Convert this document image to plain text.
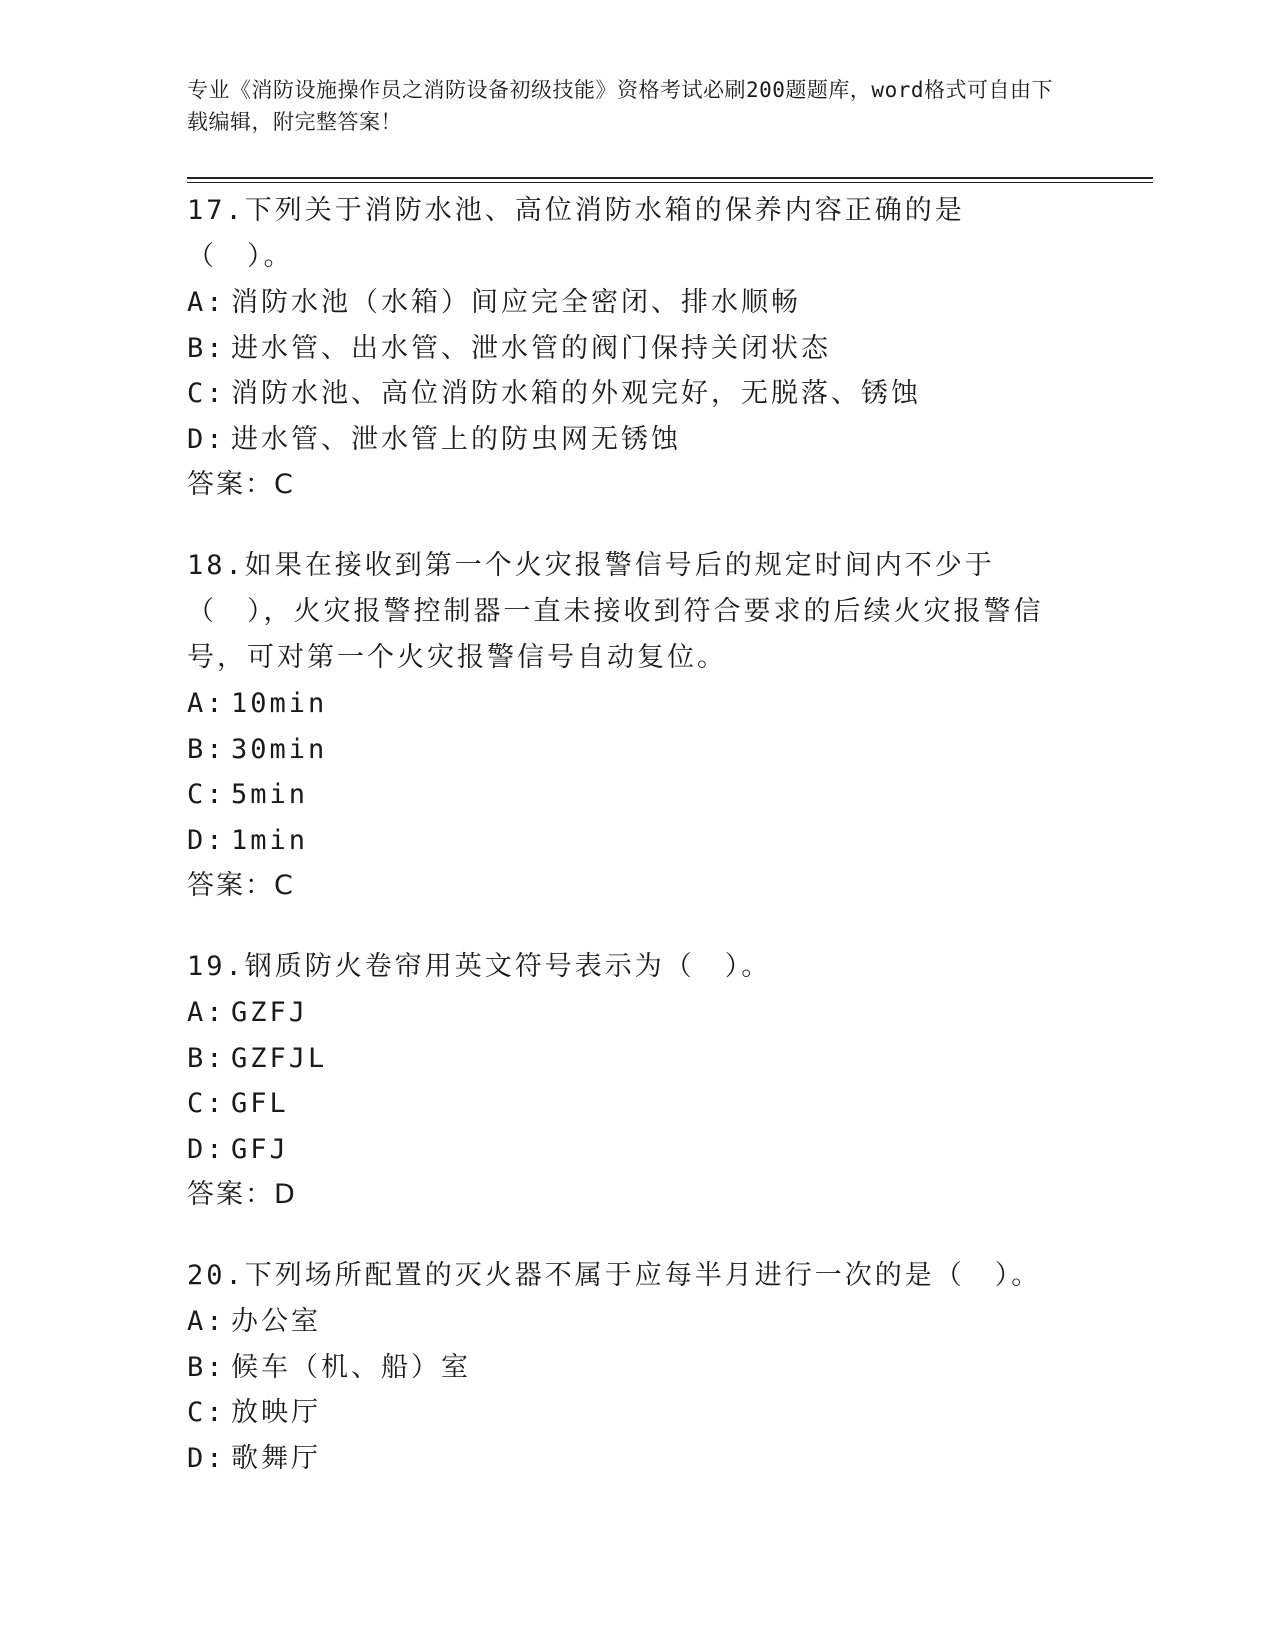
专业《消防设施操作员之消防设备初级技能》资格考试必刷200题题库，word格式可自由下载编辑，附完整答案！
17.下列关于消防水池、高位消防水箱的保养内容正确的是（　）。
A: 消防水池（水箱）间应完全密闭、排水顺畅
B: 进水管、出水管、泄水管的阀门保持关闭状态
C: 消防水池、高位消防水箱的外观完好，无脱落、锈蚀
D: 进水管、泄水管上的防虫网无锈蚀
答案：C
18.如果在接收到第一个火灾报警信号后的规定时间内不少于（　），火灾报警控制器一直未接收到符合要求的后续火灾报警信号，可对第一个火灾报警信号自动复位。
A: 10min
B: 30min
C: 5min
D: 1min
答案：C
19.钢质防火卷帘用英文符号表示为（　）。
A: GZFJ
B: GZFJL
C: GFL
D: GFJ
答案：D
20.下列场所配置的灭火器不属于应每半月进行一次的是（　）。
A: 办公室
B: 候车（机、船）室
C: 放映厅
D: 歌舞厅
